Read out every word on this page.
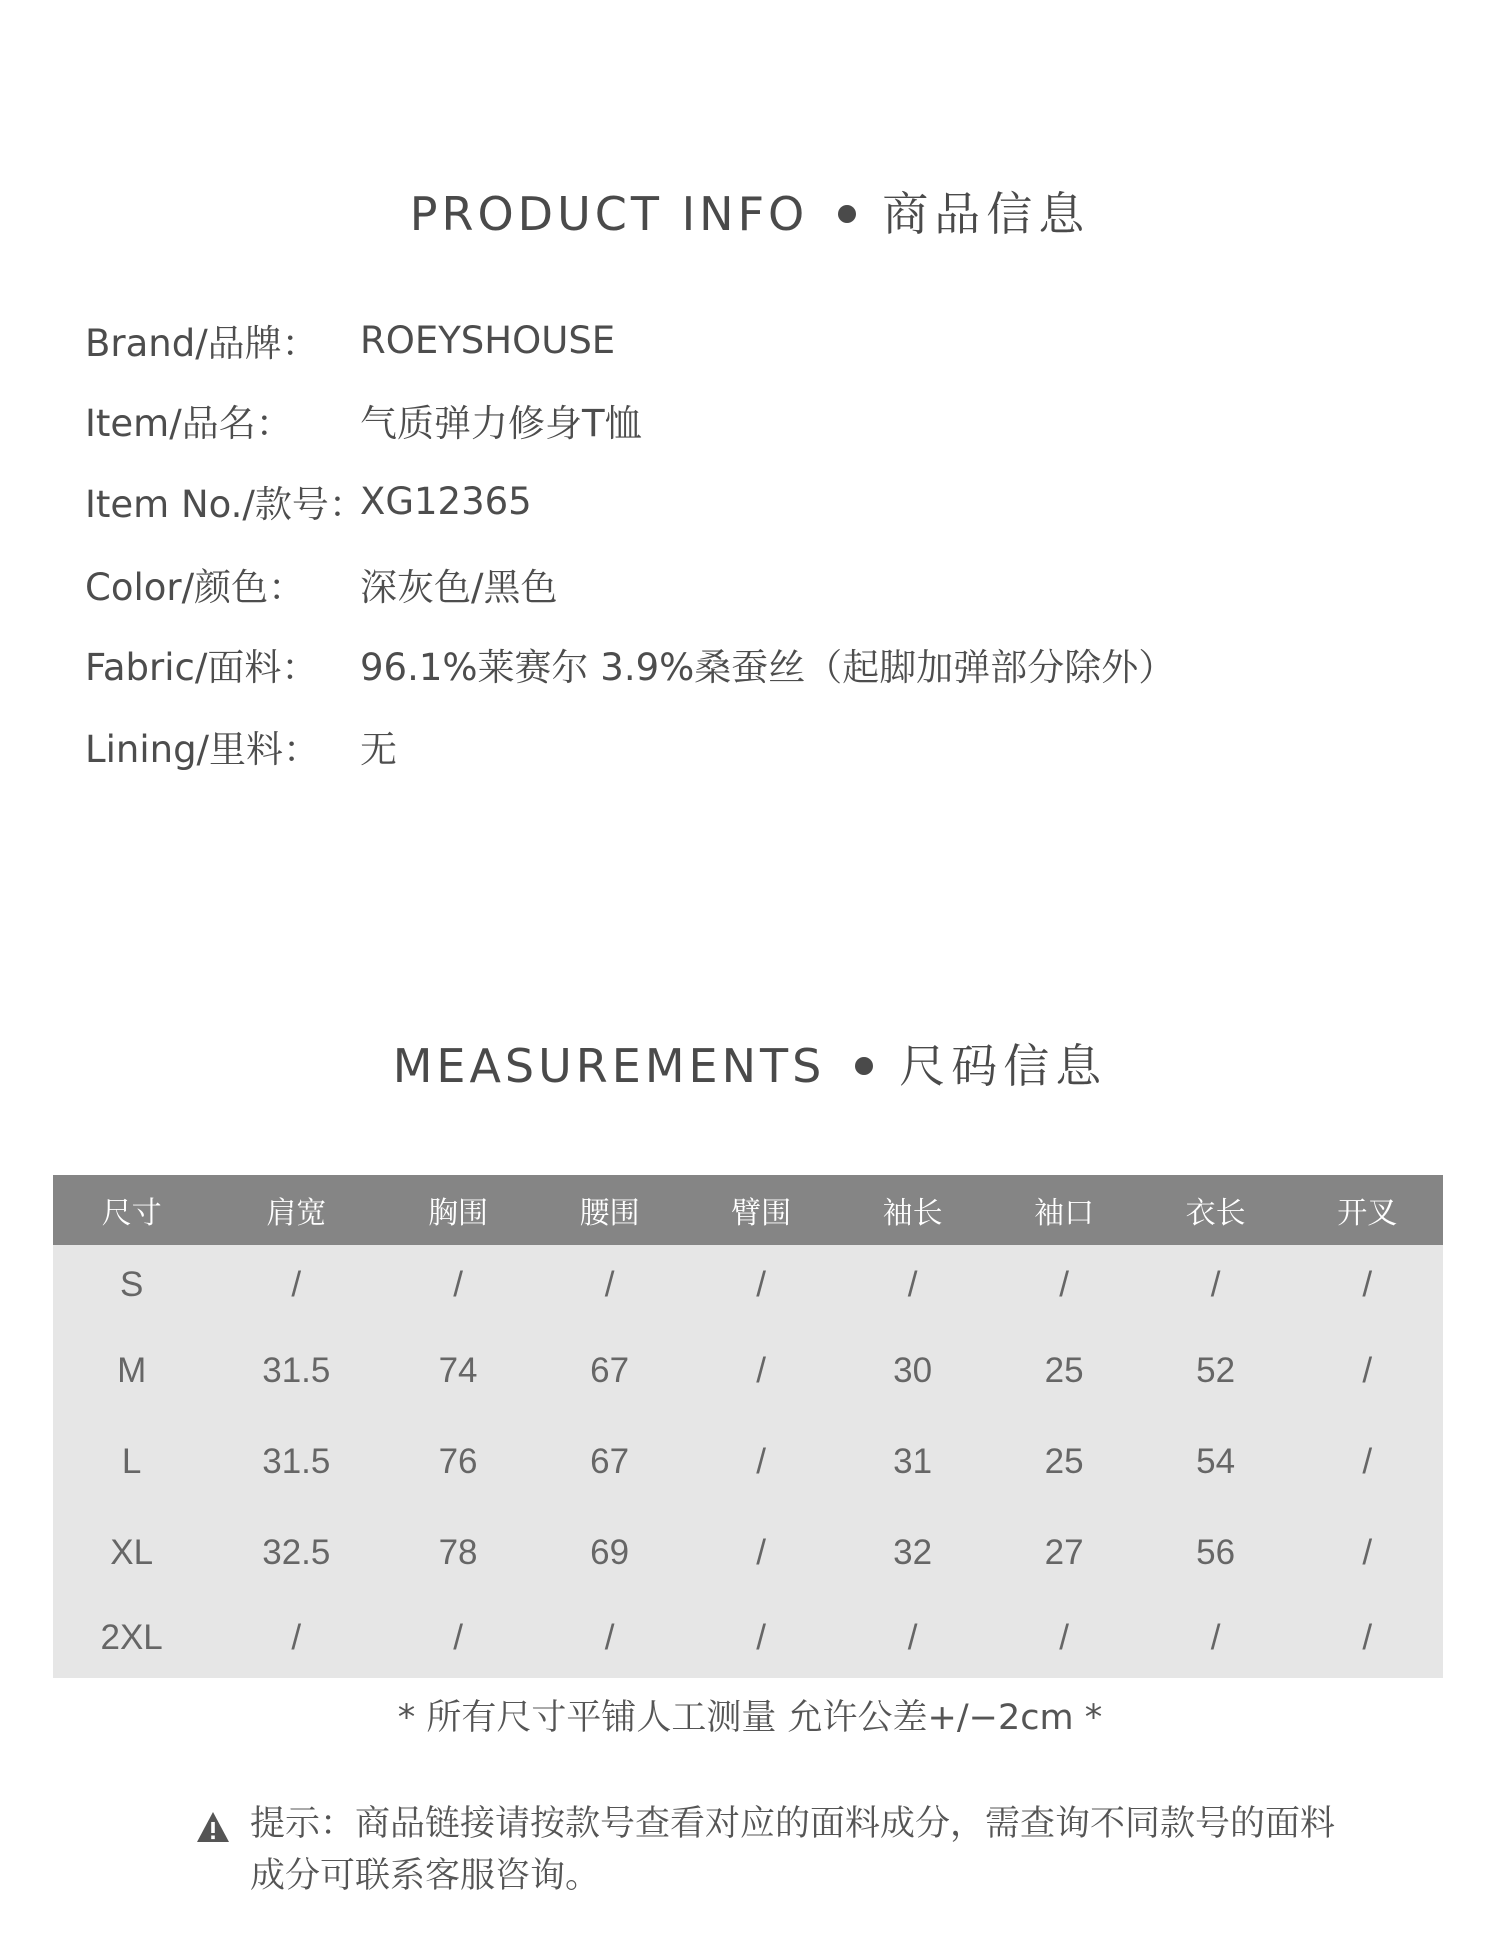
PRODUCT INFO 商品信息
Brand/品牌：	ROEYSHOUSE
Item/品名：	气质弹力修身T恤
Item No./款号：
XG12365
Color/颜色：	深灰色/黑色
Fabric/面料：	96.1%莱赛尔 3.9%桑蚕丝（起脚加弹部分除外）
Lining/里料：	无
MEASUREMENTS 尺码信息
尺寸	肩宽	胸围	腰围	臂围	袖长	袖口	衣长	开叉
S	/	/	/	/	/	/	/	/
M	31.5	74	67	/	30	25	52	/
L	31.5	76	67	/	31	25	54	/
XL	32.5	78	69	/	32	27	56	/
2XL	/	/	/	/	/	/	/	/
* 所有尺寸平铺人工测量 允许公差+/−2cm *
提示：商品链接请按款号查看对应的面料成分，需查询不同款号的面料成分可联系客服咨询。
